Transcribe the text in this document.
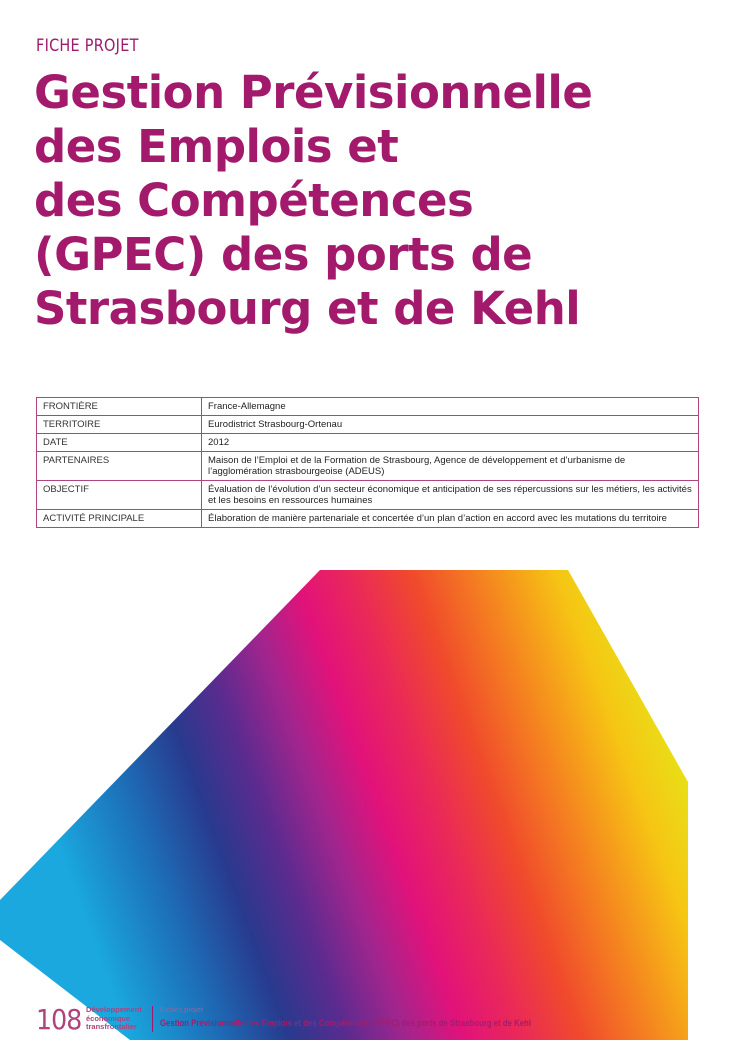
FICHE PROJET
Gestion Prévisionnelle
des Emplois et
des Compétences
(GPEC) des ports de
Strasbourg et de Kehl
FRONTIÈRE	France-Allemagne
TERRITOIRE	Eurodistrict Strasbourg-Ortenau
DATE	2012
PARTENAIRES	Maison de l’Emploi et de la Formation de Strasbourg, Agence de développement et d’urbanisme de l’agglomération strasbourgeoise (ADEUS)
OBJECTIF	Évaluation de l’évolution d’un secteur économique et anticipation de ses répercussions sur les métiers, les activités et les besoins en ressources humaines
ACTIVITÉ PRINCIPALE	Élaboration de manière partenariale et concertée d’un plan d’action en accord avec les mutations du territoire
108 Développement
économique
transfrontalier
Fiches projet
Gestion Prévisionnelle des Emplois et des Compétences (GPEC) des ports de Strasbourg et de Kehl
